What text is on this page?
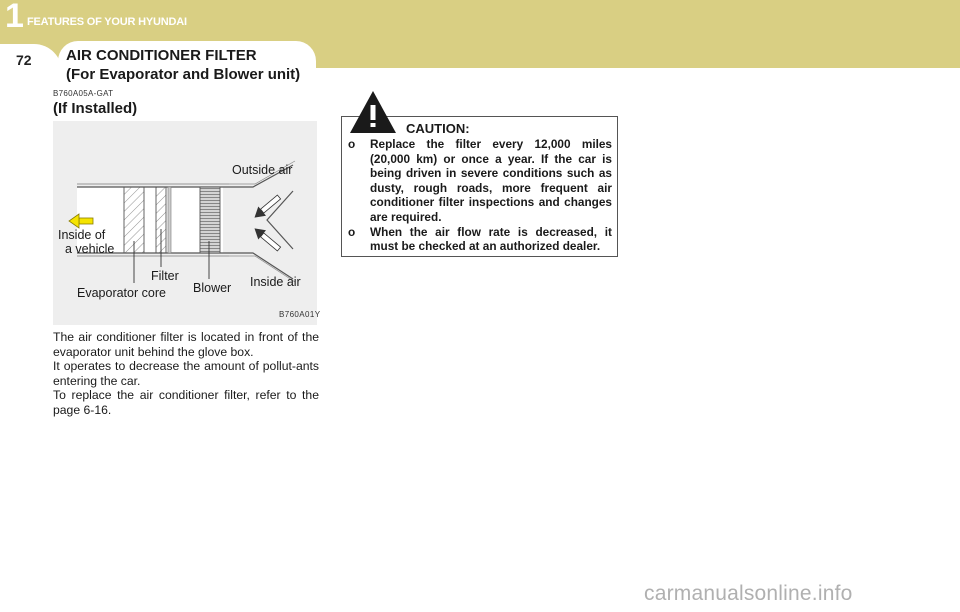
1 FEATURES OF YOUR HYUNDAI
72 AIR CONDITIONER FILTER
(For Evaporator and Blower unit)
B760A05A-GAT
(If Installed)
Outside air
Inside of
a vehicle
Filter
Evaporator core Blower Inside air
B760A01Y

The air conditioner filter is located in front of the evaporator unit behind the glove box.

It operates to decrease the amount of pollut-ants entering the car.

To replace the air conditioner filter, refer to the page 6-16.

CAUTION:
o Replace the filter every 12,000 miles (20,000 km) or once a year. If the car is being driven in severe conditions such as dusty, rough roads, more frequent air conditioner filter inspections and changes are required.
o When the air flow rate is decreased, it must be checked at an authorized dealer.
carmanualsonline.info
